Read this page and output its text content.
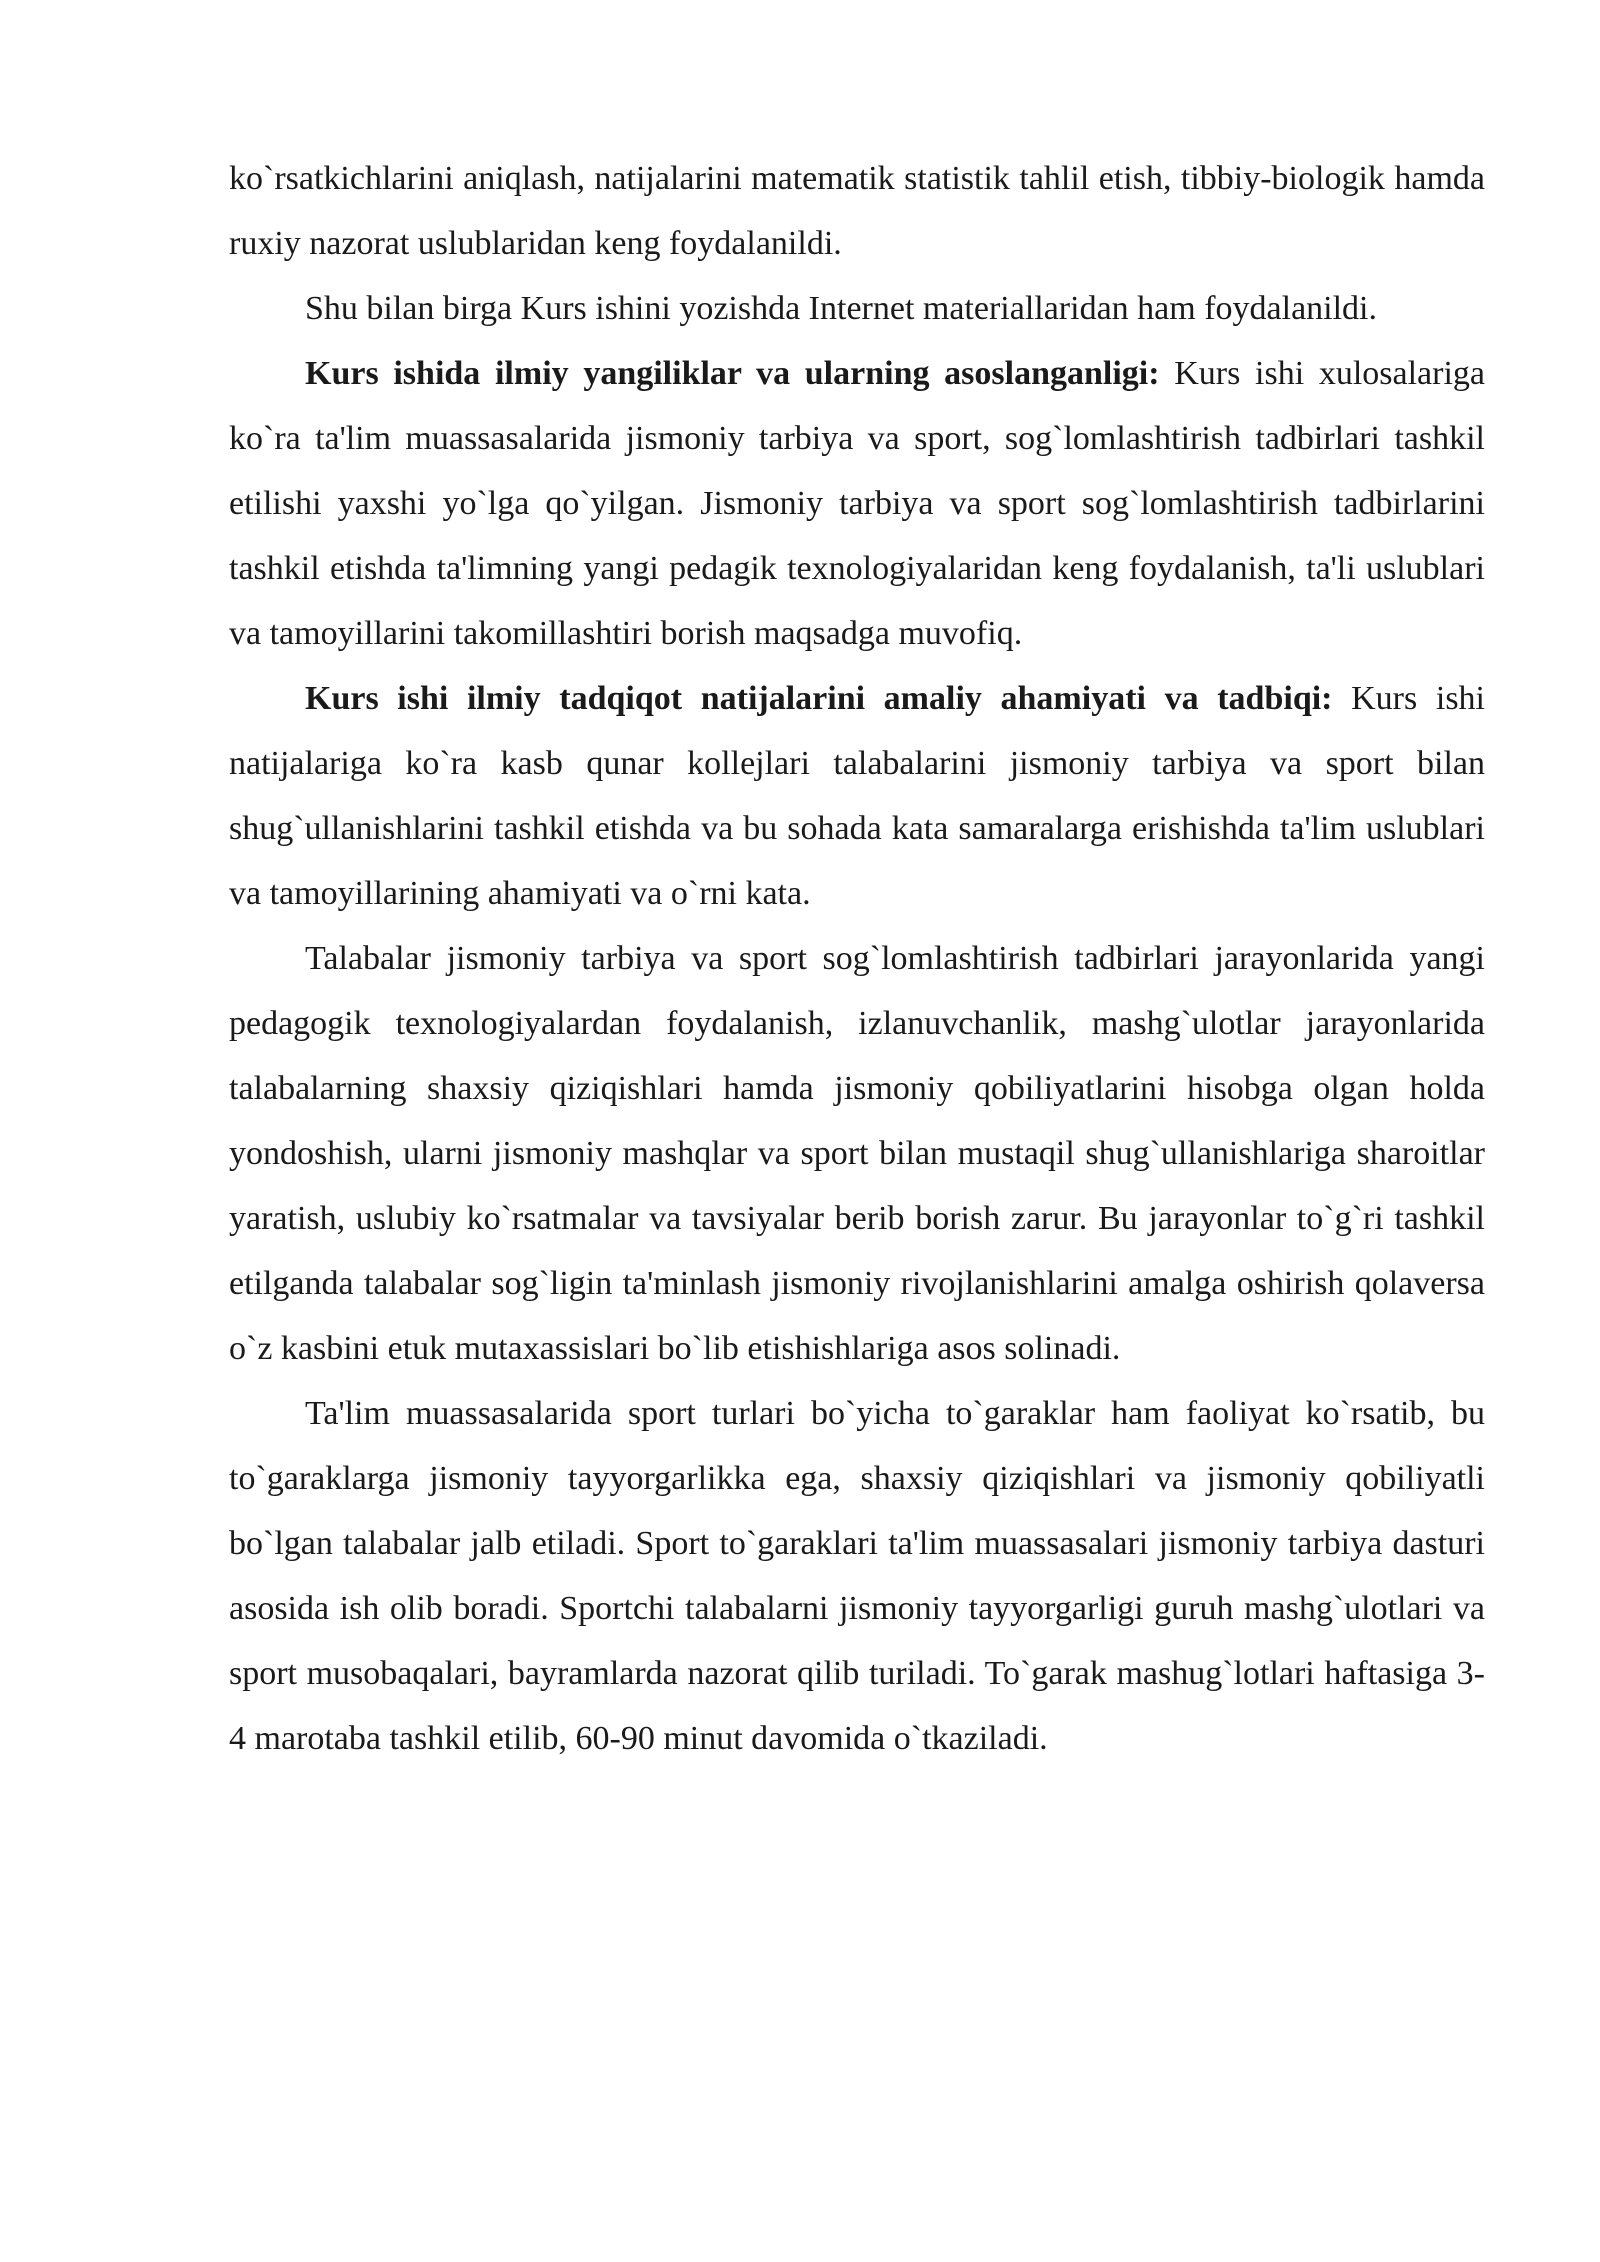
ko`rsatkichlarini aniqlash, natijalarini matematik statistik tahlil etish, tibbiy-biologik hamda ruxiy nazorat uslublaridan keng foydalanildi.

Shu bilan birga Kurs ishini yozishda Internet materiallaridan ham foydalanildi.

Kurs ishida ilmiy yangiliklar va ularning asoslanganligi: Kurs ishi xulosalariga ko`ra ta'lim muassasalarida jismoniy tarbiya va sport, sog`lomlashtirish tadbirlari tashkil etilishi yaxshi yo`lga qo`yilgan. Jismoniy tarbiya va sport sog`lomlashtirish tadbirlarini tashkil etishda ta'limning yangi pedagik texnologiyalaridan keng foydalanish, ta'li uslublari va tamoyillarini takomillashtiri borish maqsadga muvofiq.

Kurs ishi ilmiy tadqiqot natijalarini amaliy ahamiyati va tadbiqi: Kurs ishi natijalariga ko`ra kasb qunar kollejlari talabalarini jismoniy tarbiya va sport bilan shug`ullanishlarini tashkil etishda va bu sohada kata samaralarga erishishda ta'lim uslublari va tamoyillarining ahamiyati va o`rni kata.

Talabalar jismoniy tarbiya va sport sog`lomlashtirish tadbirlari jarayonlarida yangi pedagogik texnologiyalardan foydalanish, izlanuvchanlik, mashg`ulotlar jarayonlarida talabalarning shaxsiy qiziqishlari hamda jismoniy qobiliyatlarini hisobga olgan holda yondoshish, ularni jismoniy mashqlar va sport bilan mustaqil shug`ullanishlariga sharoitlar yaratish, uslubiy ko`rsatmalar va tavsiyalar berib borish zarur. Bu jarayonlar to`g`ri tashkil etilganda talabalar sog`ligin ta'minlash jismoniy rivojlanishlarini amalga oshirish qolaversa o`z kasbini etuk mutaxassislari bo`lib etishishlariga asos solinadi.

Ta'lim muassasalarida sport turlari bo`yicha to`garaklar ham faoliyat ko`rsatib, bu to`garaklarga jismoniy tayyorgarlikka ega, shaxsiy qiziqishlari va jismoniy qobiliyatli bo`lgan talabalar jalb etiladi. Sport to`garaklari ta'lim muassasalari jismoniy tarbiya dasturi asosida ish olib boradi. Sportchi talabalarni jismoniy tayyorgarligi guruh mashg`ulotlari va sport musobaqalari, bayramlarda nazorat qilib turiladi. To`garak mashug`lotlari haftasiga 3-4 marotaba tashkil etilib, 60-90 minut davomida o`tkaziladi.
